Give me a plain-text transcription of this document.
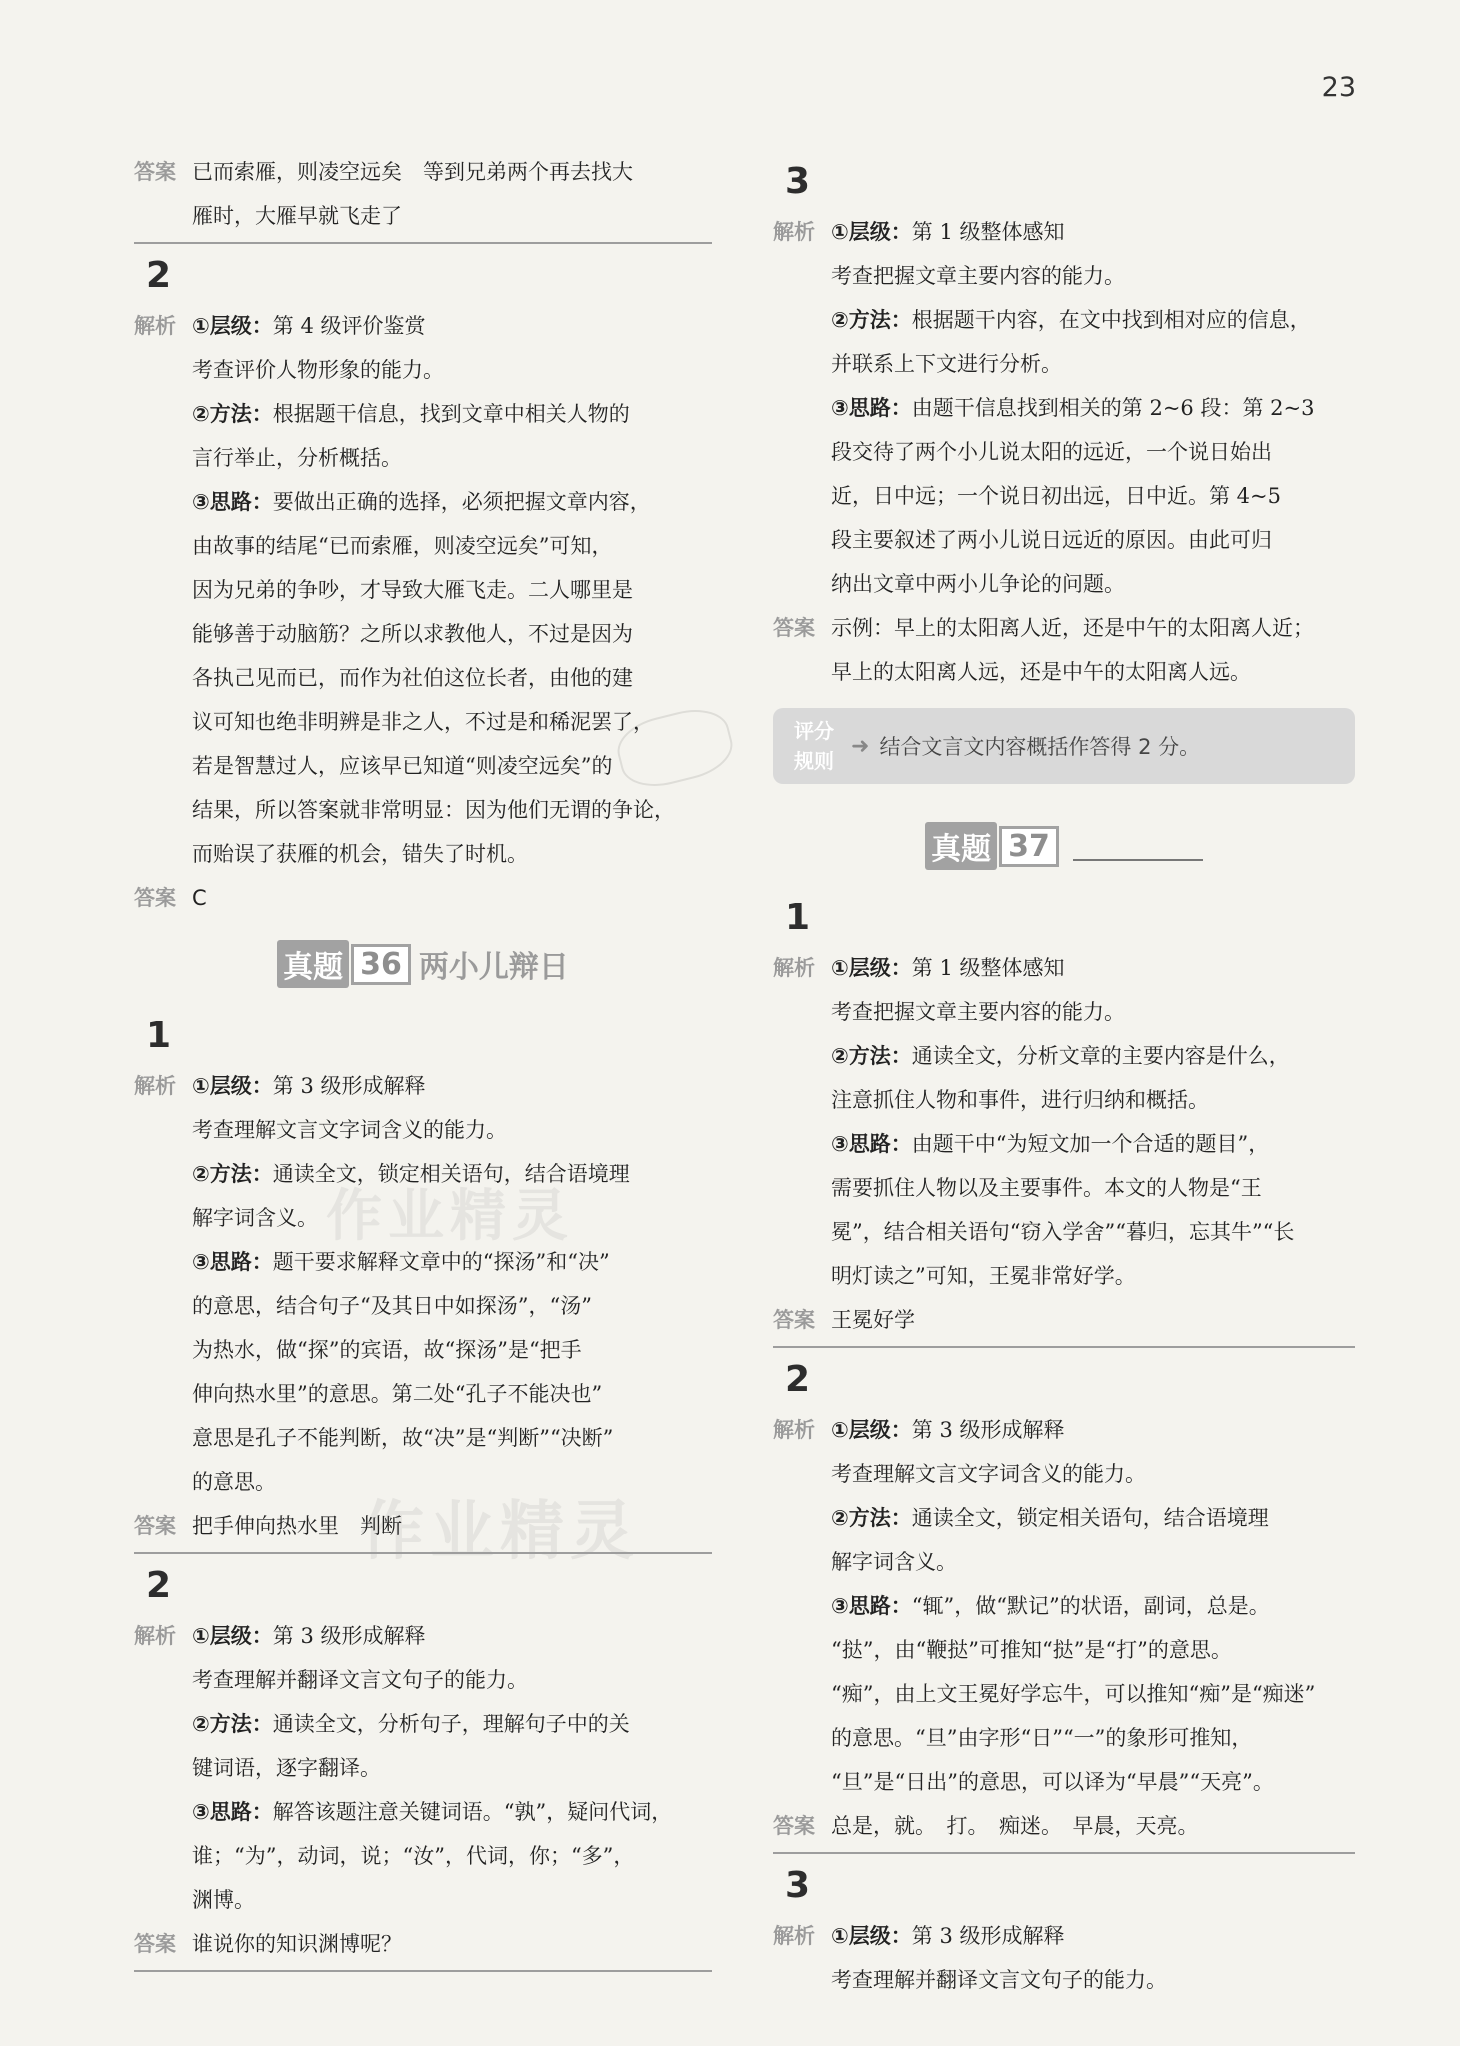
23
作业精灵
作业精灵
答案 已而索雁，则凌空远矣　等到兄弟两个再去找大
雁时，大雁早就飞走了
2
解析 ①层级：第 4 级评价鉴赏
考查评价人物形象的能力。
②方法：根据题干信息，找到文章中相关人物的
言行举止，分析概括。
③思路：要做出正确的选择，必须把握文章内容，
由故事的结尾“已而索雁，则凌空远矣”可知，
因为兄弟的争吵，才导致大雁飞走。二人哪里是
能够善于动脑筋？之所以求教他人，不过是因为
各执己见而已，而作为社伯这位长者，由他的建
议可知也绝非明辨是非之人，不过是和稀泥罢了，
若是智慧过人，应该早已知道“则凌空远矣”的
结果，所以答案就非常明显：因为他们无谓的争论，
而贻误了获雁的机会，错失了时机。
答案 C
真题 36 两小儿辩日
1
解析 ①层级：第 3 级形成解释
考查理解文言文字词含义的能力。
②方法：通读全文，锁定相关语句，结合语境理
解字词含义。
③思路：题干要求解释文章中的“探汤”和“决”
的意思，结合句子“及其日中如探汤”，“汤”
为热水，做“探”的宾语，故“探汤”是“把手
伸向热水里”的意思。第二处“孔子不能决也”
意思是孔子不能判断，故“决”是“判断”“决断”
的意思。
答案 把手伸向热水里　判断
2
解析 ①层级：第 3 级形成解释
考查理解并翻译文言文句子的能力。
②方法：通读全文，分析句子，理解句子中的关
键词语，逐字翻译。
③思路：解答该题注意关键词语。“孰”，疑问代词，
谁；“为”，动词，说；“汝”，代词，你；“多”，
渊博。
答案 谁说你的知识渊博呢？
3
解析 ①层级：第 1 级整体感知
考查把握文章主要内容的能力。
②方法：根据题干内容，在文中找到相对应的信息，
并联系上下文进行分析。
③思路：由题干信息找到相关的第 2~6 段：第 2~3
段交待了两个小儿说太阳的远近，一个说日始出
近，日中远；一个说日初出远，日中近。第 4~5
段主要叙述了两小儿说日远近的原因。由此可归
纳出文章中两小儿争论的问题。
答案 示例：早上的太阳离人近，还是中午的太阳离人近；
早上的太阳离人远，还是中午的太阳离人远。
评分
规则
➜ 结合文言文内容概括作答得 2 分。
真题 37
1
解析 ①层级：第 1 级整体感知
考查把握文章主要内容的能力。
②方法：通读全文，分析文章的主要内容是什么，
注意抓住人物和事件，进行归纳和概括。
③思路：由题干中“为短文加一个合适的题目”，
需要抓住人物以及主要事件。本文的人物是“王
冕”，结合相关语句“窃入学舍”“暮归，忘其牛”“长
明灯读之”可知，王冕非常好学。
答案 王冕好学
2
解析 ①层级：第 3 级形成解释
考查理解文言文字词含义的能力。
②方法：通读全文，锁定相关语句，结合语境理
解字词含义。
③思路：“辄”，做“默记”的状语，副词，总是。
“挞”，由“鞭挞”可推知“挞”是“打”的意思。
“痴”，由上文王冕好学忘牛，可以推知“痴”是“痴迷”
的意思。“旦”由字形“日”“一”的象形可推知，
“旦”是“日出”的意思，可以译为“早晨”“天亮”。
答案 总是，就。　打。　痴迷。　早晨，天亮。
3
解析 ①层级：第 3 级形成解释
考查理解并翻译文言文句子的能力。
